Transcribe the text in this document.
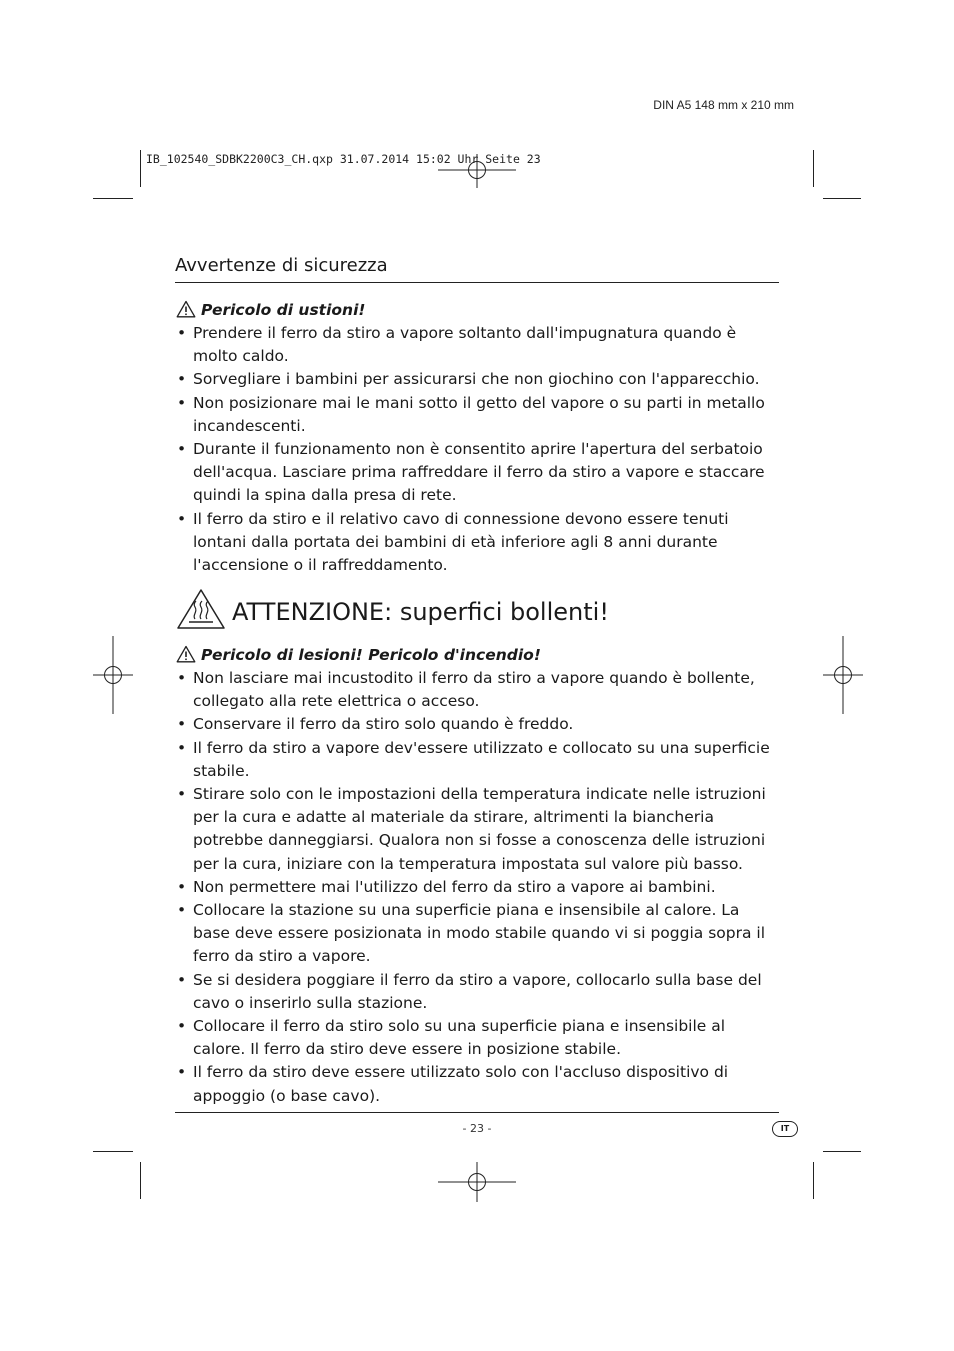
DIN A5 148 mm x 210 mm
IB_102540_SDBK2200C3_CH.qxp 31.07.2014 15:02 Uhr Seite 23
Avvertenze di sicurezza
Pericolo di ustioni!
• Prendere il ferro da stiro a vapore soltanto dall'impugnatura quando è molto caldo.
• Sorvegliare i bambini per assicurarsi che non giochino con l'apparecchio.
• Non posizionare mai le mani sotto il getto del vapore o su parti in metallo incandescenti.
• Durante il funzionamento non è consentito aprire l'apertura del serbatoio dell'acqua. Lasciare prima raffreddare il ferro da stiro a vapore e staccare quindi la spina dalla presa di rete.
• Il ferro da stiro e il relativo cavo di connessione devono essere tenuti lontani dalla portata dei bambini di età inferiore agli 8 anni durante l'accensione o il raffreddamento.
ATTENZIONE: superfici bollenti!
Pericolo di lesioni! Pericolo d'incendio!
• Non lasciare mai incustodito il ferro da stiro a vapore quando è bollente, collegato alla rete elettrica o acceso.
• Conservare il ferro da stiro solo quando è freddo.
• Il ferro da stiro a vapore dev'essere utilizzato e collocato su una superficie stabile.
• Stirare solo con le impostazioni della temperatura indicate nelle istruzioni per la cura e adatte al materiale da stirare, altrimenti la biancheria potrebbe danneggiarsi. Qualora non si fosse a conoscenza delle istruzioni per la cura, iniziare con la temperatura impostata sul valore più basso.
• Non permettere mai l'utilizzo del ferro da stiro a vapore ai bambini.
• Collocare la stazione su una superficie piana e insensibile al calore. La base deve essere posizionata in modo stabile quando vi si poggia sopra il ferro da stiro a vapore.
• Se si desidera poggiare il ferro da stiro a vapore, collocarlo sulla base del cavo o inserirlo sulla stazione.
• Collocare il ferro da stiro solo su una superficie piana e insensibile al calore. Il ferro da stiro deve essere in posizione stabile.
• Il ferro da stiro deve essere utilizzato solo con l'accluso dispositivo di appoggio (o base cavo).
- 23 -	IT
